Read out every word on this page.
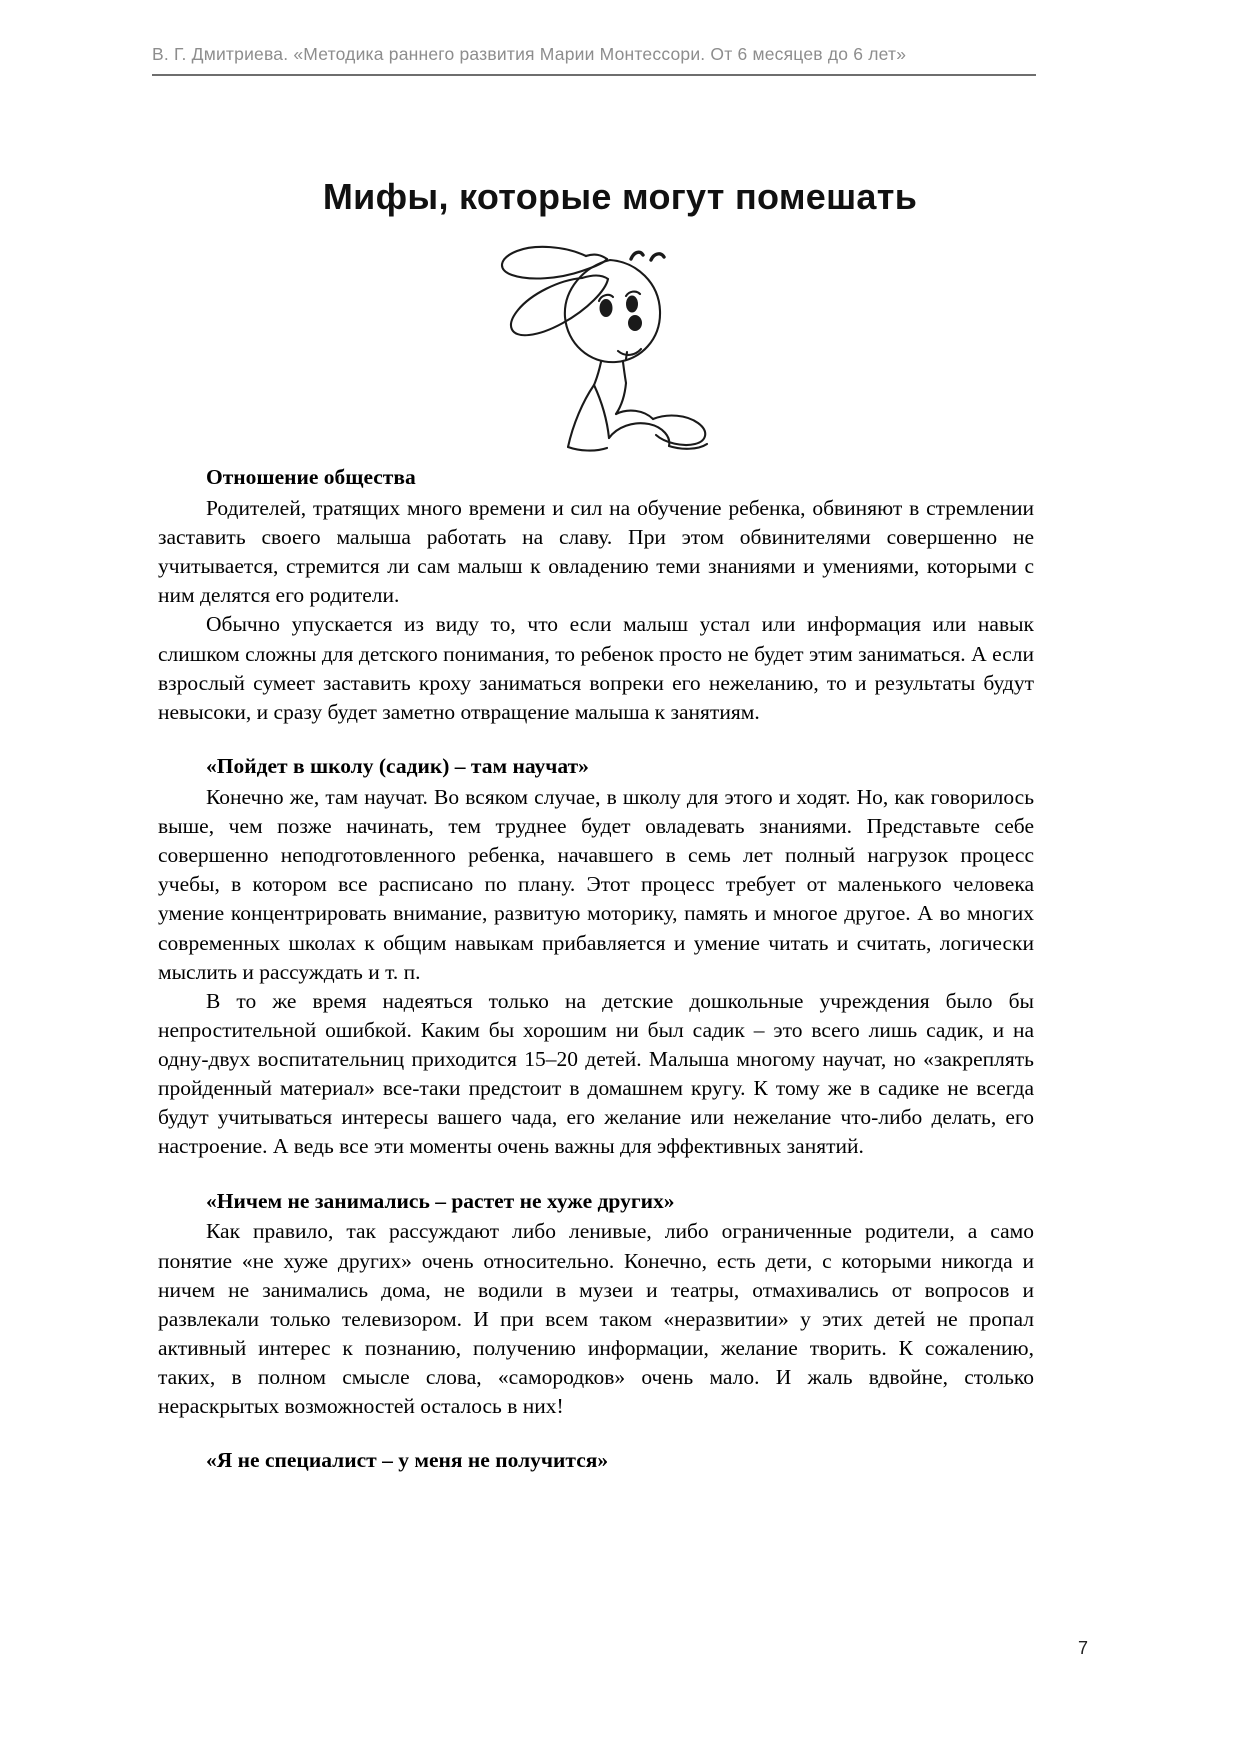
В. Г. Дмитриева. «Методика раннего развития Марии Монтессори. От 6 месяцев до 6 лет»
Мифы, которые могут помешать
Отношение общества

Родителей, тратящих много времени и сил на обучение ребенка, обвиняют в стремлении заставить своего малыша работать на славу. При этом обвинителями совершенно не учитывается, стремится ли сам малыш к овладению теми знаниями и умениями, которыми с ним делятся его родители.

Обычно упускается из виду то, что если малыш устал или информация или навык слишком сложны для детского понимания, то ребенок просто не будет этим заниматься. А если взрослый сумеет заставить кроху заниматься вопреки его нежеланию, то и результаты будут невысоки, и сразу будет заметно отвращение малыша к занятиям.

«Пойдет в школу (садик) – там научат»

Конечно же, там научат. Во всяком случае, в школу для этого и ходят. Но, как говорилось выше, чем позже начинать, тем труднее будет овладевать знаниями. Представьте себе совершенно неподготовленного ребенка, начавшего в семь лет полный нагрузок процесс учебы, в котором все расписано по плану. Этот процесс требует от маленького человека умение концентрировать внимание, развитую моторику, память и многое другое. А во многих современных школах к общим навыкам прибавляется и умение читать и считать, логически мыслить и рассуждать и т. п.

В то же время надеяться только на детские дошкольные учреждения было бы непростительной ошибкой. Каким бы хорошим ни был садик – это всего лишь садик, и на одну-двух воспитательниц приходится 15–20 детей. Малыша многому научат, но «закреплять пройденный материал» все-таки предстоит в домашнем кругу. К тому же в садике не всегда будут учитываться интересы вашего чада, его желание или нежелание что-либо делать, его настроение. А ведь все эти моменты очень важны для эффективных занятий.

«Ничем не занимались – растет не хуже других»

Как правило, так рассуждают либо ленивые, либо ограниченные родители, а само понятие «не хуже других» очень относительно. Конечно, есть дети, с которыми никогда и ничем не занимались дома, не водили в музеи и театры, отмахивались от вопросов и развлекали только телевизором. И при всем таком «неразвитии» у этих детей не пропал активный интерес к познанию, получению информации, желание творить. К сожалению, таких, в полном смысле слова, «самородков» очень мало. И жаль вдвойне, столько нераскрытых возможностей осталось в них!

«Я не специалист – у меня не получится»
7
